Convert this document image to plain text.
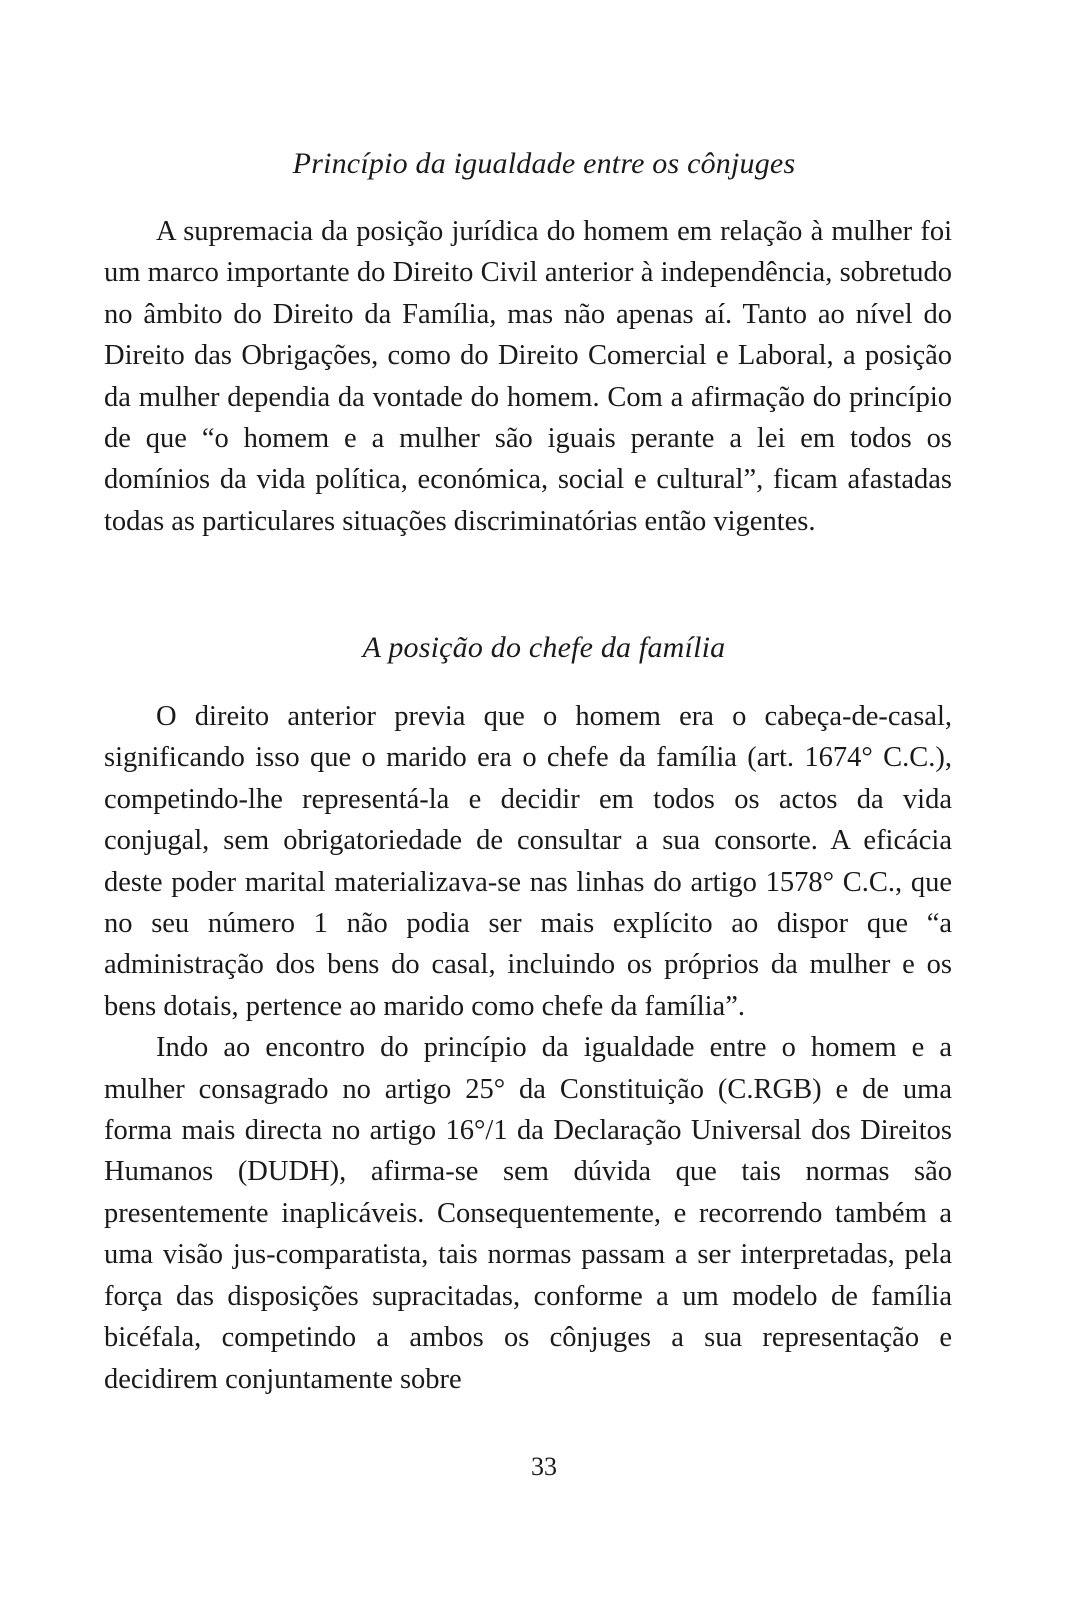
Princípio da igualdade entre os cônjuges

A supremacia da posição jurídica do homem em relação à mulher foi um marco importante do Direito Civil anterior à independência, sobretudo no âmbito do Direito da Família, mas não apenas aí. Tanto ao nível do Direito das Obrigações, como do Direito Comercial e Laboral, a posição da mulher dependia da vontade do homem. Com a afirmação do princípio de que “o homem e a mulher são iguais perante a lei em todos os domínios da vida política, económica, social e cultural”, ficam afastadas todas as particulares situações discriminatórias então vigentes.

A posição do chefe da família

O direito anterior previa que o homem era o cabeça-de-casal, significando isso que o marido era o chefe da família (art. 1674° C.C.), competindo-lhe representá-la e decidir em todos os actos da vida conjugal, sem obrigatoriedade de consultar a sua consorte. A eficácia deste poder marital materializava-se nas linhas do artigo 1578° C.C., que no seu número 1 não podia ser mais explícito ao dispor que “a administração dos bens do casal, incluindo os próprios da mulher e os bens dotais, pertence ao marido como chefe da família”.

Indo ao encontro do princípio da igualdade entre o homem e a mulher consagrado no artigo 25° da Constituição (C.RGB) e de uma forma mais directa no artigo 16°/1 da Declaração Universal dos Direitos Humanos (DUDH), afirma-se sem dúvida que tais normas são presentemente inaplicáveis. Consequentemente, e recorrendo também a uma visão jus-comparatista, tais normas passam a ser interpretadas, pela força das disposições supracitadas, conforme a um modelo de família bicéfala, competindo a ambos os cônjuges a sua representação e decidirem conjuntamente sobre

33
